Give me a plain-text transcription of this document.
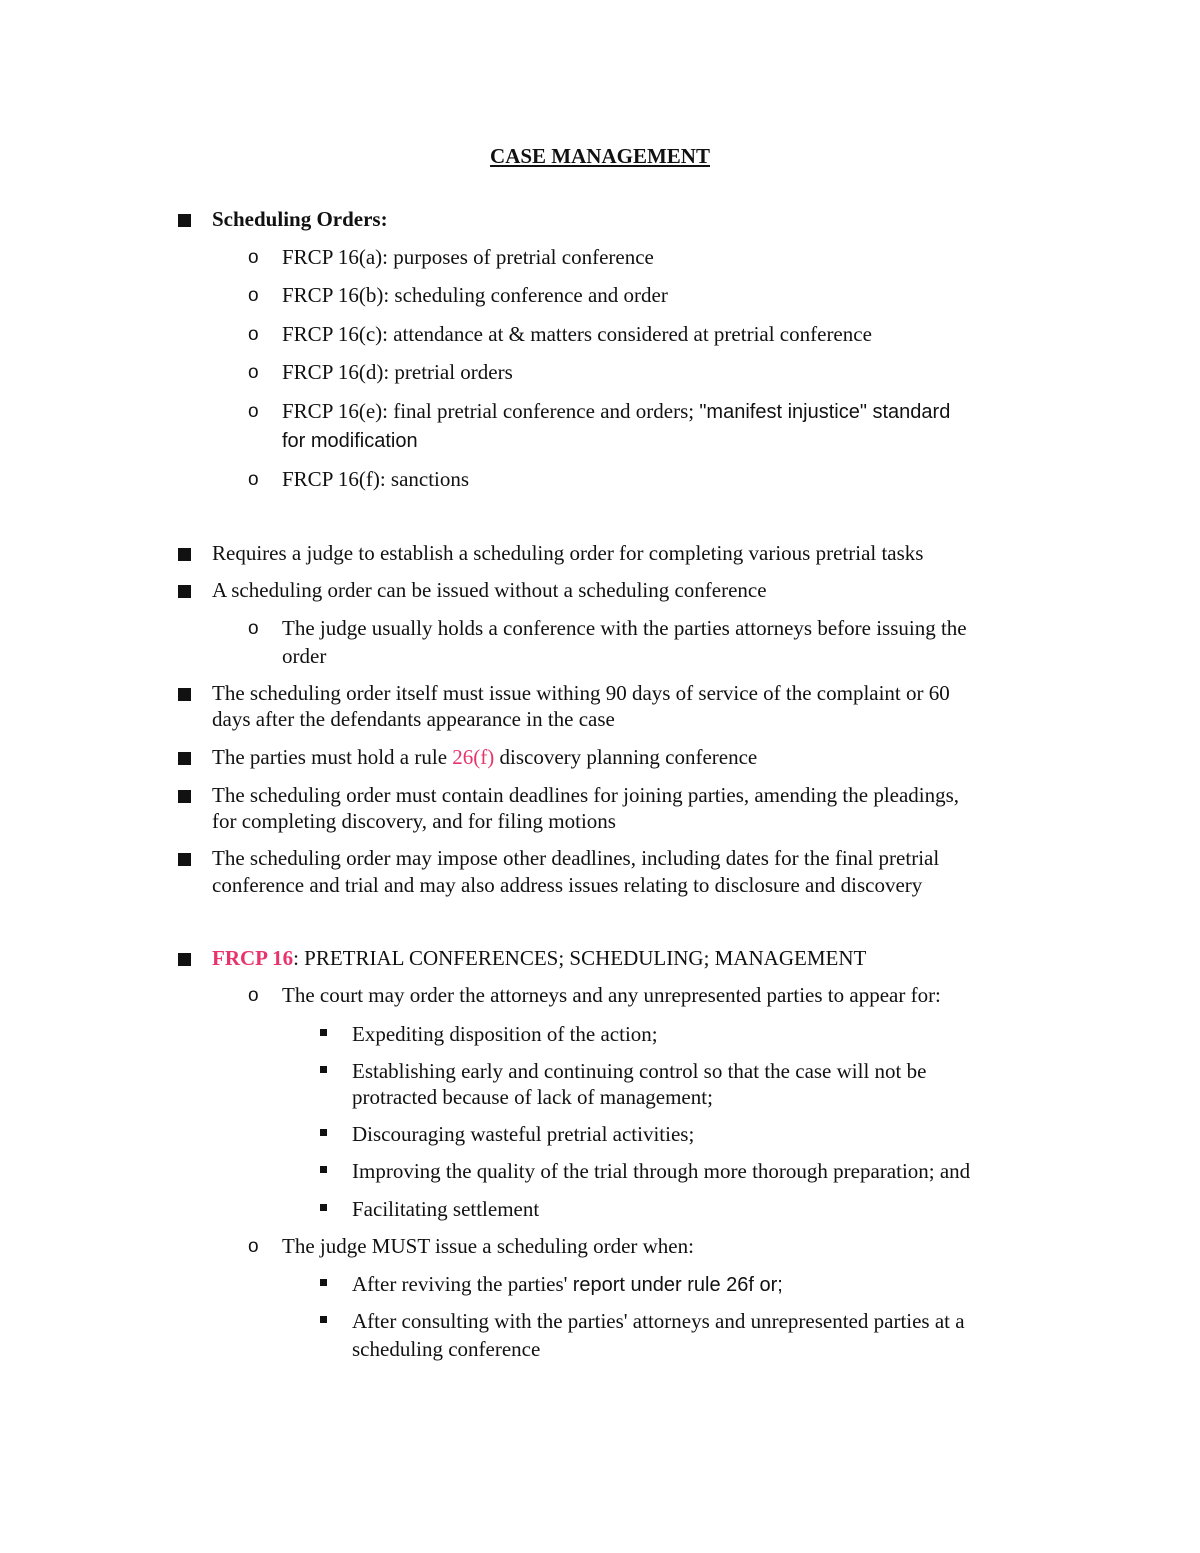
CASE MANAGEMENT
Scheduling Orders:
o FRCP 16(a): purposes of pretrial conference
o FRCP 16(b): scheduling conference and order
o FRCP 16(c): attendance at & matters considered at pretrial conference
o FRCP 16(d): pretrial orders
o FRCP 16(e): final pretrial conference and orders; "manifest injustice" standard
for modification
o FRCP 16(f): sanctions
Requires a judge to establish a scheduling order for completing various pretrial tasks
A scheduling order can be issued without a scheduling conference
o The judge usually holds a conference with the parties attorneys before issuing the
order
The scheduling order itself must issue withing 90 days of service of the complaint or 60
days after the defendants appearance in the case
The parties must hold a rule 26(f) discovery planning conference
The scheduling order must contain deadlines for joining parties, amending the pleadings,
for completing discovery, and for filing motions
The scheduling order may impose other deadlines, including dates for the final pretrial
conference and trial and may also address issues relating to disclosure and discovery
FRCP 16: PRETRIAL CONFERENCES; SCHEDULING; MANAGEMENT
o The court may order the attorneys and any unrepresented parties to appear for:
Expediting disposition of the action;
Establishing early and continuing control so that the case will not be
protracted because of lack of management;
Discouraging wasteful pretrial activities;
Improving the quality of the trial through more thorough preparation; and
Facilitating settlement
o The judge MUST issue a scheduling order when:
After reviving the parties' report under rule 26f or;
After consulting with the parties' attorneys and unrepresented parties at a
scheduling conference
